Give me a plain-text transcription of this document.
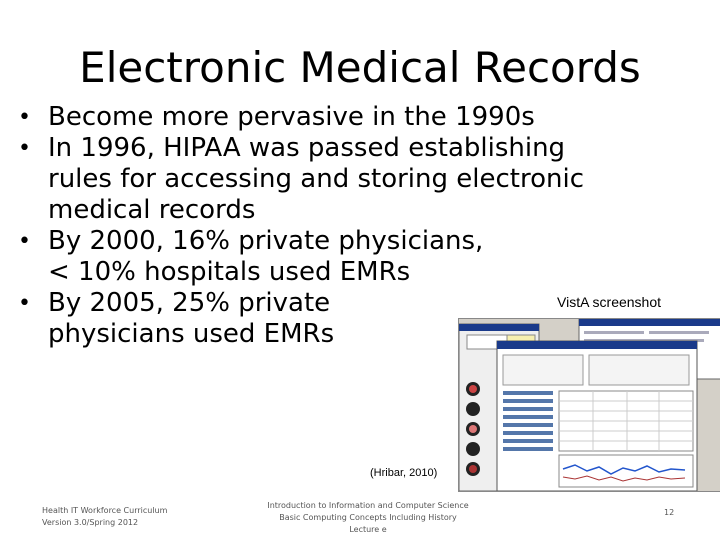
Electronic Medical Records
• Become more pervasive in the 1990s
• In 1996, HIPAA was passed establishing
rules for accessing and storing electronic
medical records
• By 2000, 16% private physicians,
< 10% hospitals used EMRs
• By 2005, 25% private
physicians used EMRs
VistA screenshot
(Hribar, 2010)
Health IT Workforce Curriculum
Version 3.0/Spring 2012
Introduction to Information and Computer Science
Basic Computing Concepts Including History
Lecture e
12
